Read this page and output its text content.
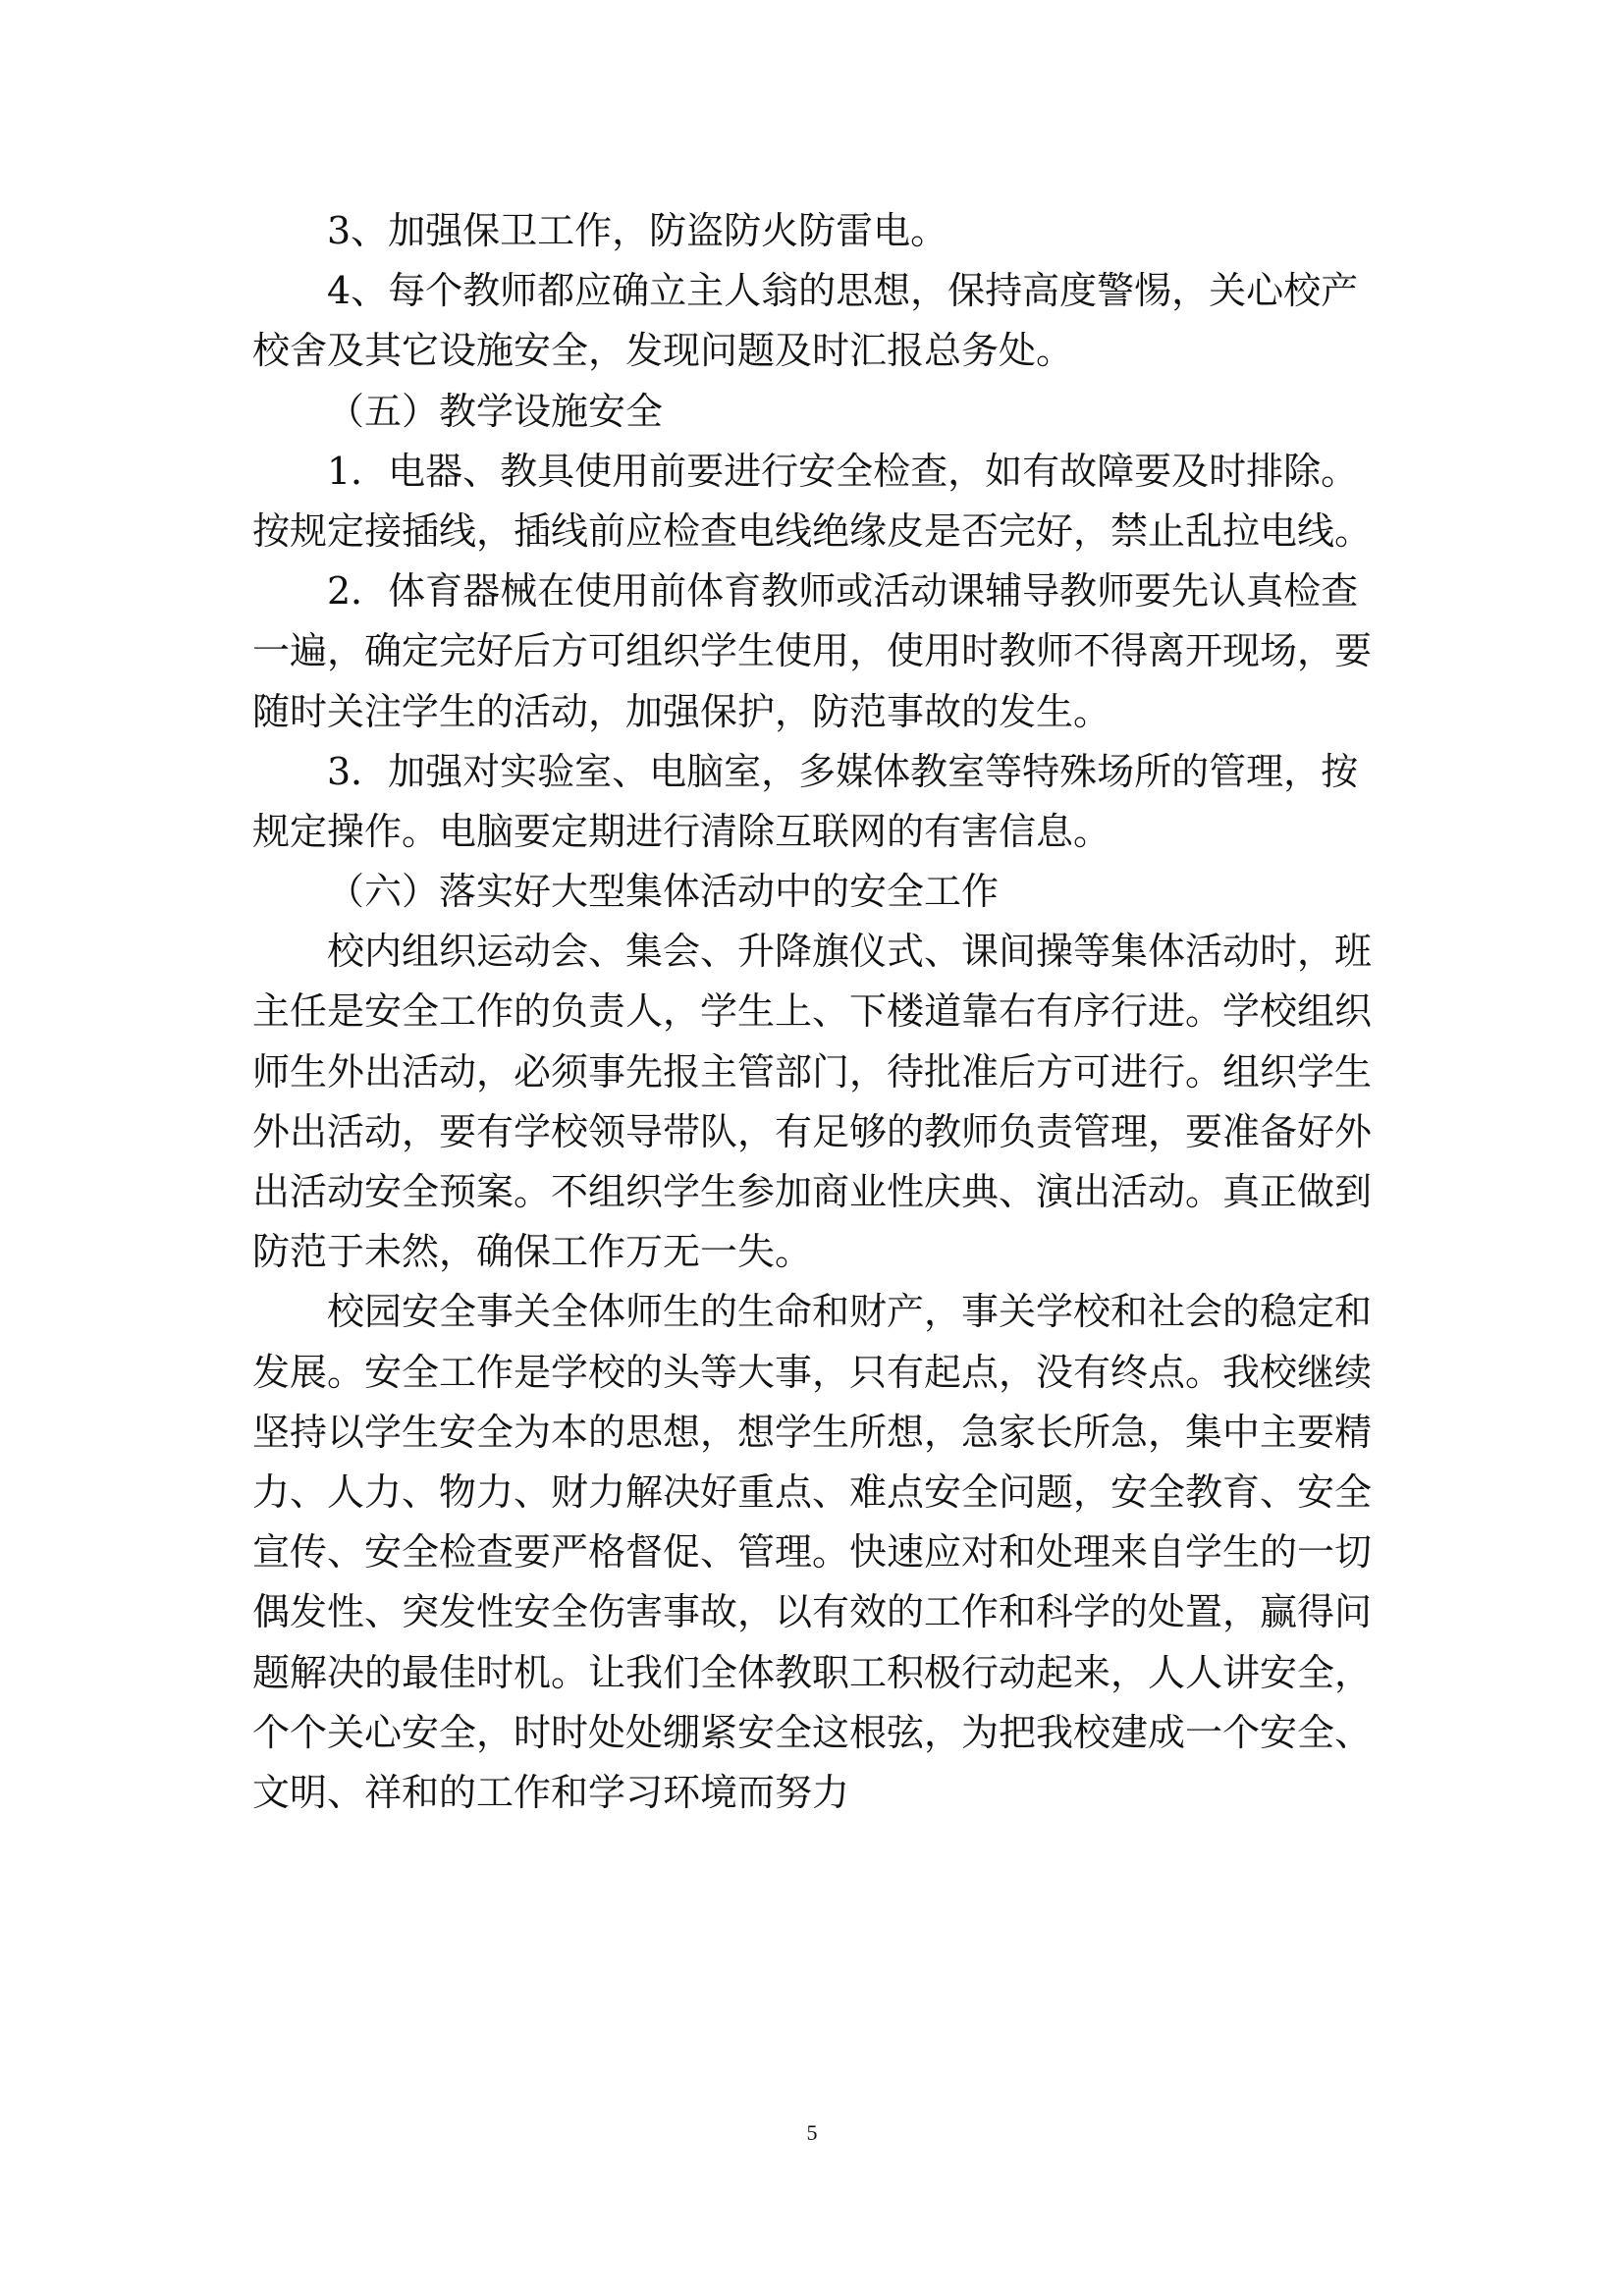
3、加强保卫工作，防盗防火防雷电。
4、每个教师都应确立主人翁的思想，保持高度警惕，关心校产
校舍及其它设施安全，发现问题及时汇报总务处。
（五）教学设施安全
1．电器、教具使用前要进行安全检查，如有故障要及时排除。
按规定接插线，插线前应检查电线绝缘皮是否完好，禁止乱拉电线。
2．体育器械在使用前体育教师或活动课辅导教师要先认真检查
一遍，确定完好后方可组织学生使用，使用时教师不得离开现场，要
随时关注学生的活动，加强保护，防范事故的发生。
3．加强对实验室、电脑室，多媒体教室等特殊场所的管理，按
规定操作。电脑要定期进行清除互联网的有害信息。
（六）落实好大型集体活动中的安全工作
校内组织运动会、集会、升降旗仪式、课间操等集体活动时，班
主任是安全工作的负责人，学生上、下楼道靠右有序行进。学校组织
师生外出活动，必须事先报主管部门，待批准后方可进行。组织学生
外出活动，要有学校领导带队，有足够的教师负责管理，要准备好外
出活动安全预案。不组织学生参加商业性庆典、演出活动。真正做到
防范于未然，确保工作万无一失。
校园安全事关全体师生的生命和财产，事关学校和社会的稳定和
发展。安全工作是学校的头等大事，只有起点，没有终点。我校继续
坚持以学生安全为本的思想，想学生所想，急家长所急，集中主要精
力、人力、物力、财力解决好重点、难点安全问题，安全教育、安全
宣传、安全检查要严格督促、管理。快速应对和处理来自学生的一切
偶发性、突发性安全伤害事故，以有效的工作和科学的处置，赢得问
题解决的最佳时机。让我们全体教职工积极行动起来，人人讲安全，
个个关心安全，时时处处绷紧安全这根弦，为把我校建成一个安全、
文明、祥和的工作和学习环境而努力
5
